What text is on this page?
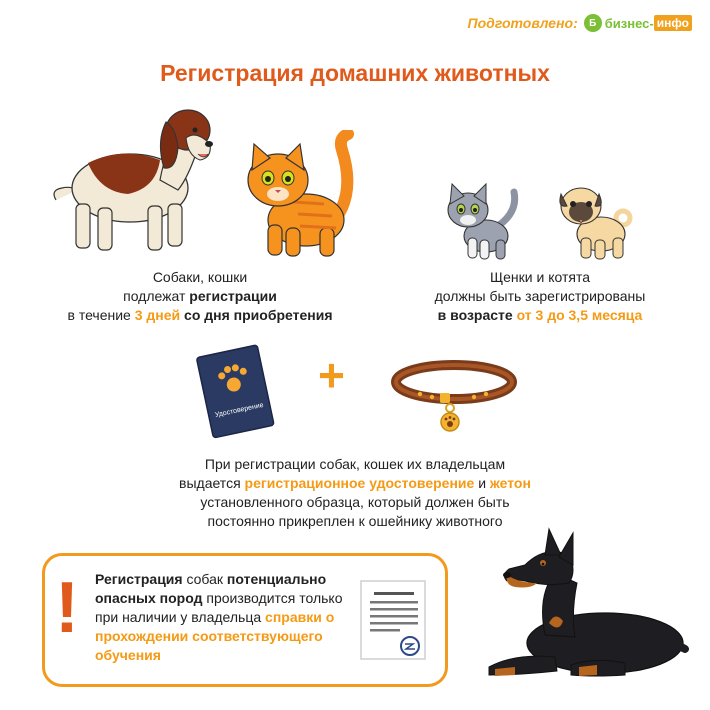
Подготовлено:	Б бизнес- инфо
Регистрация домашних животных
Собаки, кошки
подлежат регистрации
в течение 3 дней со дня приобретения
Щенки и котята
должны быть зарегистрированы
в возрасте от 3 до 3,5 месяца
Удостоверение
+
При регистрации собак, кошек их владельцам
выдается регистрационное удостоверение и жетон
установленного образца, который должен быть
постоянно прикреплен к ошейнику животного
! Регистрация собак потенциально опасных пород производится только при наличии у владельца справки о прохождении соответствующего обучения
